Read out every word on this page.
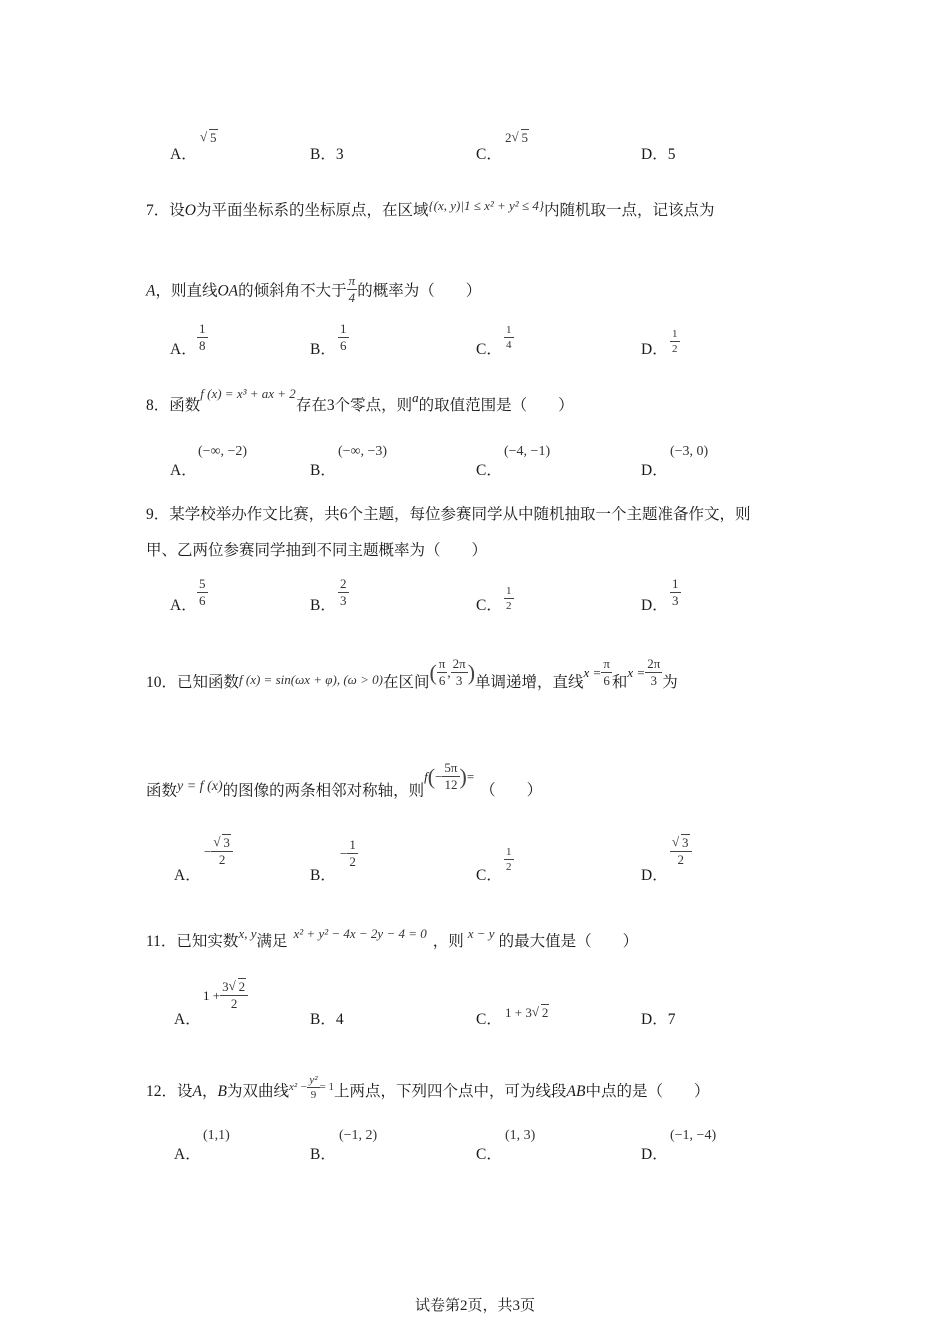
A．
√ 5
B．3	C．
2 √ 5
D．5
7．设O为平面坐标系的坐标原点，在区域$^{\{(x, y)|1 \le x^2 + y^2 \le 4\}}$内随机取一点，记该点为
A，则直线OA的倾斜角不大于 $\frac{\pi}{4}$ 的概率为（　　）
A． $\frac{1}{8}$	B． $\frac{1}{6}$	C． $\frac{1}{4}$	D． $\frac{1}{2}$
8．函数$^{f (x) = x^3 + ax + 2}$存在3个零点，则$^a$的取值范围是（　　）
A．
(−∞, −2)
B．
(−∞, −3)
C．
(−4, −1)
D．
(−3, 0)
9．某学校举办作文比赛，共6个主题，每位参赛同学从中随机抽取一个主题准备作文，则
甲、乙两位参赛同学抽到不同主题概率为（　　）
A． $\frac{5}{6}$	B． $\frac{2}{3}$	C． $\frac{1}{2}$	D． $\frac{1}{3}$
10．已知函数f (x) = sin(ωx + φ), (ω > 0)在区间 ( $\frac{\pi}{6}$ , $\frac{2\pi}{3}$ ) 单调递增，直线
$x = \frac{\pi}{6}$ 和
$x = \frac{2\pi}{3}$ 为
函数y = f (x)的图像的两条相邻对称轴，则
f ( − $\frac{5\pi}{12}$ ) =
（　　）
A．
− √ $\frac{3}{2}$
B．
− $\frac{1}{2}$
C．
$\frac{1}{2}$
D．
√ $\frac{3}{2}$
11．已知实数$^{x, y}$满足 $^{x^2 + y^2 - 4x - 2y - 4 = 0}$ ，则 $^{x - y}$ 的最大值是（　　）
A．
$1 + \frac{3 √ 2}{2}$
B．4	C． 1 + 3 √ 2	D．7
12．设A，B为双曲线 $x^2 - \frac{\text{y²}}{9} = 1$ 上两点，下列四个点中，可为线段AB中点的是（　　）
A．
(1,1)
B．
(−1, 2)
C．
(1, 3)
D．
(−1, −4)
试卷第2页，共3页
